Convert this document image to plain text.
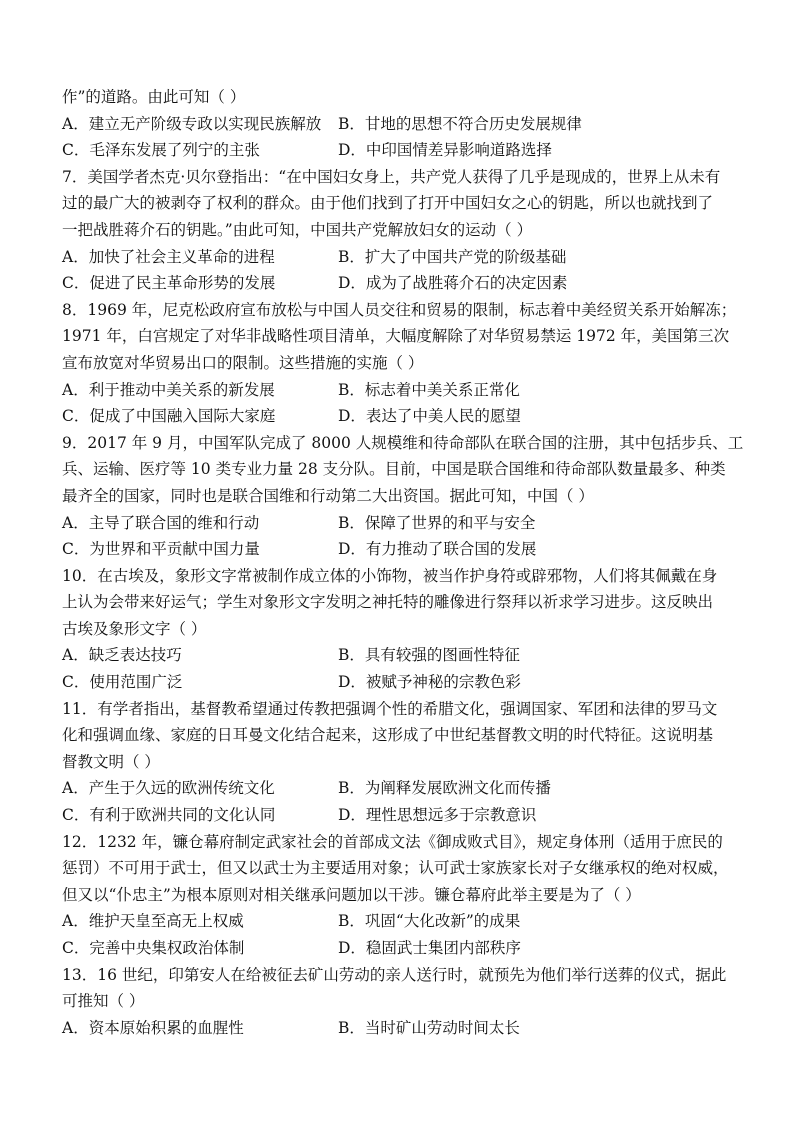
作”的道路。由此可知（ ）
A．建立无产阶级专政以实现民族解放 B．甘地的思想不符合历史发展规律
C．毛泽东发展了列宁的主张	D．中印国情差异影响道路选择
7．美国学者杰克·贝尔登指出：“在中国妇女身上，共产党人获得了几乎是现成的，世界上从未有
过的最广大的被剥夺了权利的群众。由于他们找到了打开中国妇女之心的钥匙，所以也就找到了
一把战胜蒋介石的钥匙。”由此可知，中国共产党解放妇女的运动（ ）
A．加快了社会主义革命的进程	B．扩大了中国共产党的阶级基础
C．促进了民主革命形势的发展	D．成为了战胜蒋介石的决定因素
8．1969 年，尼克松政府宣布放松与中国人员交往和贸易的限制，标志着中美经贸关系开始解冻；
1971 年，白宫规定了对华非战略性项目清单，大幅度解除了对华贸易禁运 1972 年，美国第三次
宣布放宽对华贸易出口的限制。这些措施的实施（ ）
A．利于推动中美关系的新发展	B．标志着中美关系正常化
C．促成了中国融入国际大家庭	D．表达了中美人民的愿望
9．2017 年 9 月，中国军队完成了 8000 人规模维和待命部队在联合国的注册，其中包括步兵、工
兵、运输、医疗等 10 类专业力量 28 支分队。目前，中国是联合国维和待命部队数量最多、种类
最齐全的国家，同时也是联合国维和行动第二大出资国。据此可知，中国（ ）
A．主导了联合国的维和行动	B．保障了世界的和平与安全
C．为世界和平贡献中国力量	D．有力推动了联合国的发展
10．在古埃及，象形文字常被制作成立体的小饰物，被当作护身符或辟邪物，人们将其佩戴在身
上认为会带来好运气；学生对象形文字发明之神托特的雕像进行祭拜以祈求学习进步。这反映出
古埃及象形文字（ ）
A．缺乏表达技巧	B．具有较强的图画性特征
C．使用范围广泛	D．被赋予神秘的宗教色彩
11．有学者指出，基督教希望通过传教把强调个性的希腊文化，强调国家、军团和法律的罗马文
化和强调血缘、家庭的日耳曼文化结合起来，这形成了中世纪基督教文明的时代特征。这说明基
督教文明（ ）
A．产生于久远的欧洲传统文化	B．为阐释发展欧洲文化而传播
C．有利于欧洲共同的文化认同	D．理性思想远多于宗教意识
12．1232 年，镰仓幕府制定武家社会的首部成文法《御成败式目》，规定身体刑（适用于庶民的
惩罚）不可用于武士，但又以武士为主要适用对象；认可武士家族家长对子女继承权的绝对权威，
但又以“仆忠主”为根本原则对相关继承问题加以干涉。镰仓幕府此举主要是为了（ ）
A．维护天皇至高无上权威	B．巩固“大化改新”的成果
C．完善中央集权政治体制	D．稳固武士集团内部秩序
13．16 世纪，印第安人在给被征去矿山劳动的亲人送行时，就预先为他们举行送葬的仪式，据此
可推知（ ）
A．资本原始积累的血腥性	B．当时矿山劳动时间太长
